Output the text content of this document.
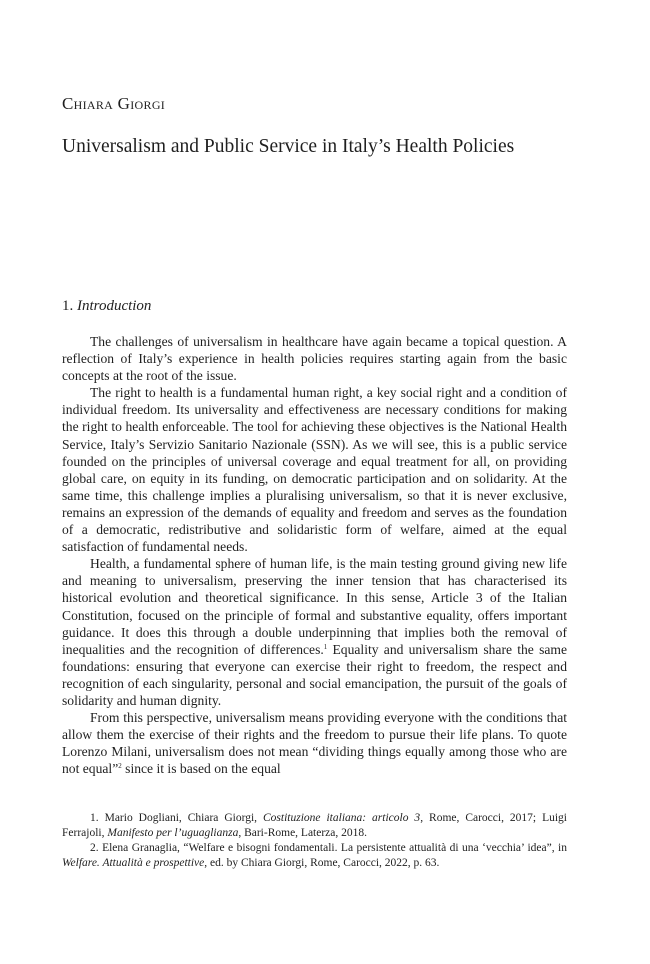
Chiara Giorgi
Universalism and Public Service in Italy’s Health Policies
1. Introduction

The challenges of universalism in healthcare have again became a topical question. A reflection of Italy’s experience in health policies requires starting again from the basic concepts at the root of the issue.

The right to health is a fundamental human right, a key social right and a condition of individual freedom. Its universality and effectiveness are necessary conditions for making the right to health enforceable. The tool for achieving these objectives is the National Health Service, Italy’s Servizio Sanitario Nazionale (SSN). As we will see, this is a public service founded on the principles of universal coverage and equal treatment for all, on providing global care, on equity in its funding, on democratic participation and on solidarity. At the same time, this challenge implies a pluralising universalism, so that it is never exclusive, remains an expression of the demands of equality and freedom and serves as the foundation of a democratic, redistributive and solidaristic form of welfare, aimed at the equal satisfaction of fundamental needs.

Health, a fundamental sphere of human life, is the main testing ground giving new life and meaning to universalism, preserving the inner tension that has characterised its historical evolution and theoretical significance. In this sense, Article 3 of the Italian Constitution, focused on the principle of formal and substantive equality, offers important guidance. It does this through a double underpinning that implies both the removal of inequalities and the recognition of differences.$^1$ Equality and universalism share the same foundations: ensuring that everyone can exercise their right to freedom, the respect and recognition of each singularity, personal and social emancipation, the pursuit of the goals of solidarity and human dignity.

From this perspective, universalism means providing everyone with the conditions that allow them the exercise of their rights and the freedom to pursue their life plans. To quote Lorenzo Milani, universalism does not mean “dividing things equally among those who are not equal”$^2$ since it is based on the equal

1. Mario Dogliani, Chiara Giorgi, Costituzione italiana: articolo 3, Rome, Carocci, 2017; Luigi Ferrajoli, Manifesto per l’uguaglianza, Bari-Rome, Laterza, 2018.

2. Elena Granaglia, “Welfare e bisogni fondamentali. La persistente attualità di una ‘vecchia’ idea”, in Welfare. Attualità e prospettive, ed. by Chiara Giorgi, Rome, Carocci, 2022, p. 63.
